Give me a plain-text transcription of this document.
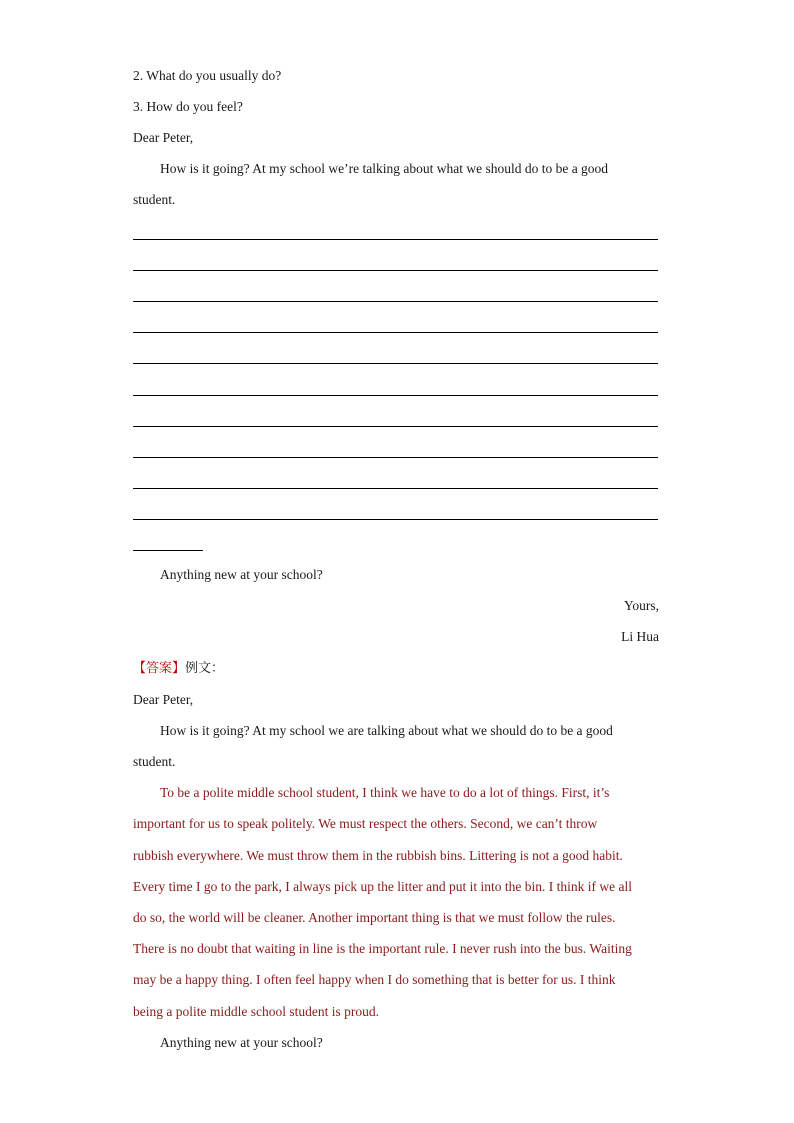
2. What do you usually do?
3. How do you feel?
Dear Peter,
How is it going? At my school we’re talking about what we should do to be a good
student.
Anything new at your school?
Yours,
Li Hua
【答案】例文：
Dear Peter,
How is it going? At my school we are talking about what we should do to be a good
student.
To be a polite middle school student, I think we have to do a lot of things. First, it’s
important for us to speak politely. We must respect the others. Second, we can’t throw
rubbish everywhere. We must throw them in the rubbish bins. Littering is not a good habit.
Every time I go to the park, I always pick up the litter and put it into the bin. I think if we all
do so, the world will be cleaner. Another important thing is that we must follow the rules.
There is no doubt that waiting in line is the important rule. I never rush into the bus. Waiting
may be a happy thing. I often feel happy when I do something that is better for us. I think
being a polite middle school student is proud.
Anything new at your school?
